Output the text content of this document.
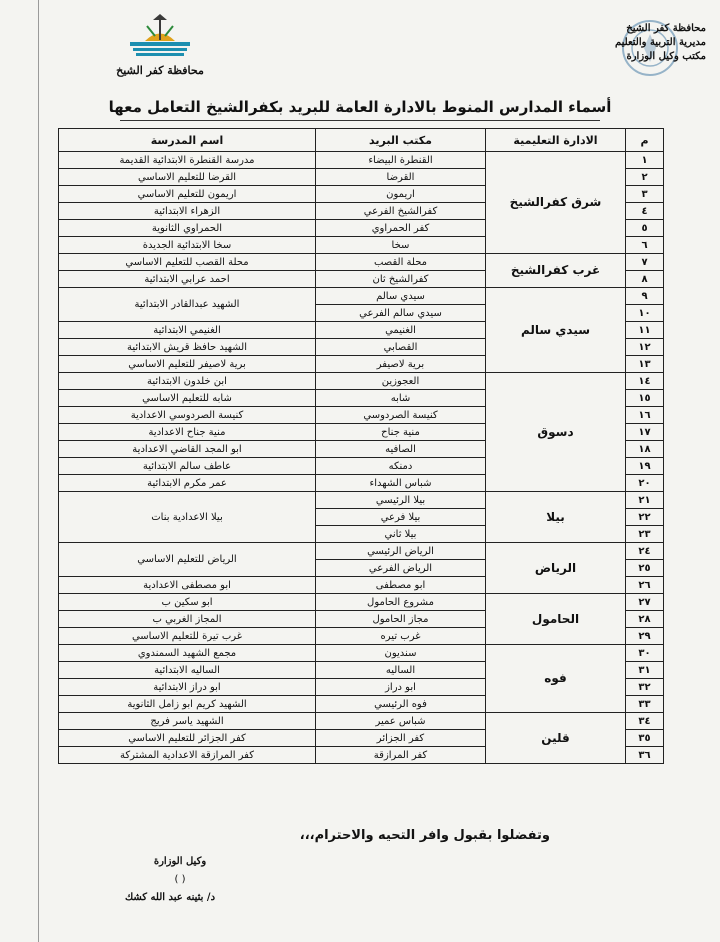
محافظة كفر الشيخ
محافظة كفر الشيخ
مديرية التربية والتعليم
مكتب وكيل الوزارة
أسماء المدارس المنوط بالادارة العامة للبريد بكفرالشيخ التعامل معها
م	الادارة التعليمية	مكتب البريد	اسم المدرسة
١	شرق كفرالشيخ	القنطرة البيضاء	مدرسة القنطرة الابتدائية القديمة
٢		القرضا	القرضا للتعليم الاساسي
٣		اريمون	اريمون للتعليم الاساسي
٤		كفرالشيخ الفرعي	الزهراء الابتدائية
٥		كفر الحمراوي	الحمراوي الثانوية
٦		سخا	سخا الابتدائية الجديدة
٧	غرب كفرالشيخ	محلة القصب	محلة القصب للتعليم الاساسي
٨		كفرالشيخ ثان	احمد عرابي الابتدائية
٩	سيدي سالم	سيدي سالم	الشهيد عبدالقادر الابتدائية
١٠		سيدي سالم الفرعي	
١١		الغنيمي	الغنيمي الابتدائية
١٢		القصابي	الشهيد حافظ قريش الابتدائية
١٣		برية لاصيفر	برية لاصيفر للتعليم الاساسي
١٤	دسوق	العجوزين	ابن خلدون الابتدائية
١٥		شابه	شابه للتعليم الاساسي
١٦		كنيسة الصردوسي	كنيسة الصردوسي الاعدادية
١٧		منية جناح	منية جناح الاعدادية
١٨		الصافيه	ابو المجد القاضي الاعدادية
١٩		دمنكه	عاطف سالم الابتدائية
٢٠		شباس الشهداء	عمر مكرم الابتدائية
٢١	بيلا	بيلا الرئيسي	بيلا الاعدادية بنات
٢٢		بيلا فرعي	
٢٣		بيلا ثاني	
٢٤	الرياض	الرياض الرئيسي	الرياض للتعليم الاساسي
٢٥		الرياض الفرعي	
٢٦		ابو مصطفى	ابو مصطفى الاعدادية
٢٧	الحامول	مشروع الحامول	ابو سكين ب
٢٨		مجاز الحامول	المجاز الغربي ب
٢٩		غرب تيره	غرب تيرة للتعليم الاساسي
٣٠	فوه	سنديون	مجمع الشهيد السمندوي
٣١		الساليه	الساليه الابتدائية
٣٢		ابو دراز	ابو دراز الابتدائية
٣٣		فوه الرئيسي	الشهيد كريم ابو زامل الثانوية
٣٤	قلين	شباس عمير	الشهيد ياسر فريج
٣٥		كفر الجزائر	كفر الجزائر للتعليم الاساسي
٣٦		كفر المرازقة	كفر المرازقة الاعدادية المشتركة
وتفضلوا بقبول وافر التحيه والاحترام،،،
وكيل الوزارة
( )
د/ بثينه عبد الله كشك
